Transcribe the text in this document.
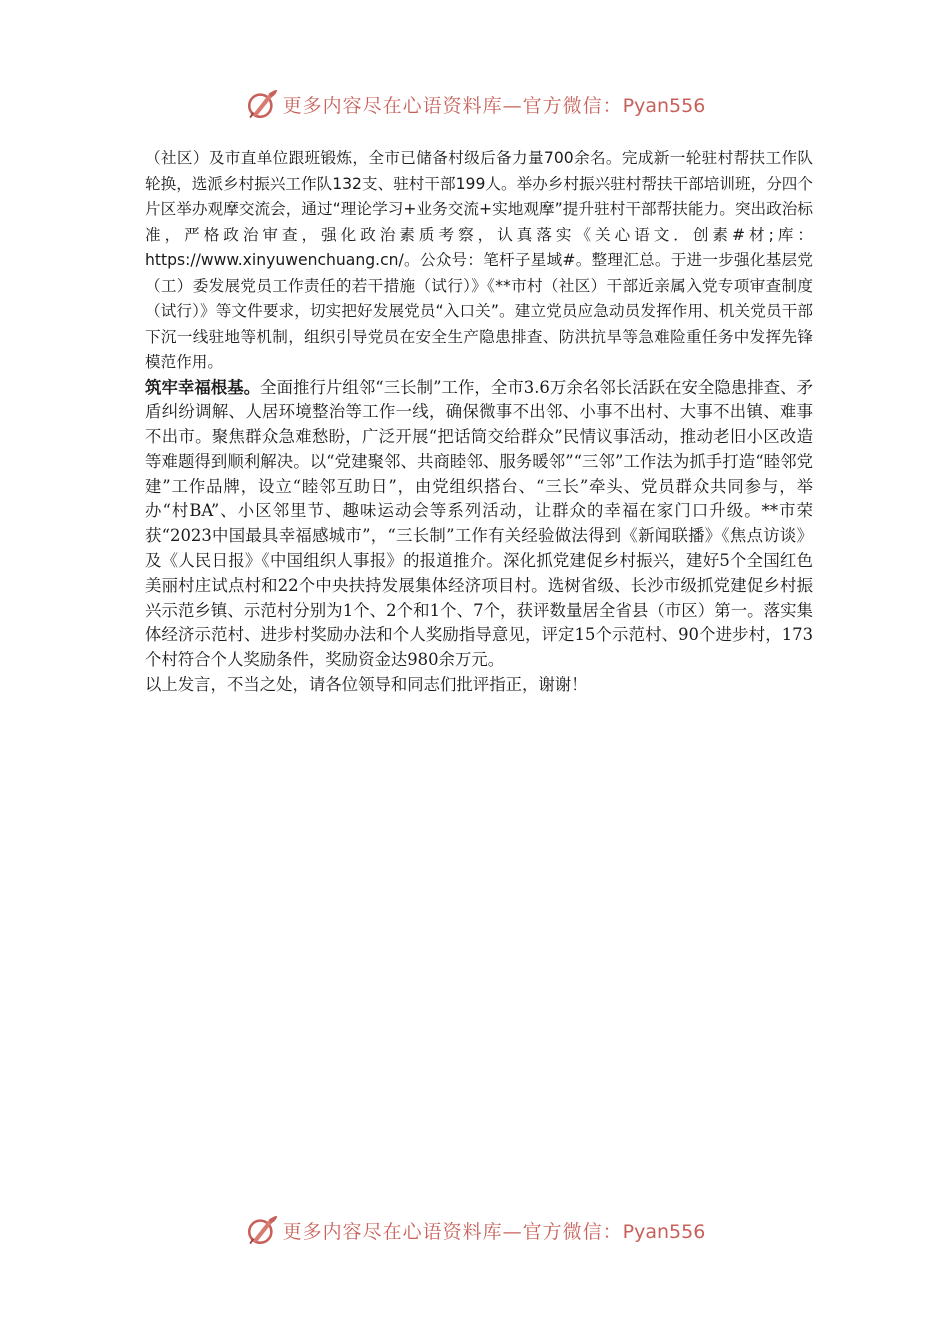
更多内容尽在心语资料库—官方微信：Pyan556

（社区）及市直单位跟班锻炼，全市已储备村级后备力量700余名。完成新一轮驻村帮扶工作队轮换，选派乡村振兴工作队132支、驻村干部199人。举办乡村振兴驻村帮扶干部培训班，分四个片区举办观摩交流会，通过“理论学习+业务交流+实地观摩”提升驻村干部帮扶能力。突出政治标准，严格政治审查，强化政治素质考察，认真落实《关心语文．创素#材;库：https://www.xinyuwenchuang.cn/。公众号：笔杆子星域#。整理汇总。于进一步强化基层党（工）委发展党员工作责任的若干措施（试行）》《**市村（社区）干部近亲属入党专项审查制度（试行）》等文件要求，切实把好发展党员“入口关”。建立党员应急动员发挥作用、机关党员干部下沉一线驻地等机制，组织引导党员在安全生产隐患排查、防洪抗旱等急难险重任务中发挥先锋模范作用。

筑牢幸福根基。全面推行片组邻“三长制”工作，全市3.6万余名邻长活跃在安全隐患排查、矛盾纠纷调解、人居环境整治等工作一线，确保微事不出邻、小事不出村、大事不出镇、难事不出市。聚焦群众急难愁盼，广泛开展“把话筒交给群众”民情议事活动，推动老旧小区改造等难题得到顺利解决。以“党建聚邻、共商睦邻、服务暖邻”“三邻”工作法为抓手打造“睦邻党建”工作品牌，设立“睦邻互助日”，由党组织搭台、“三长”牵头、党员群众共同参与，举办“村BA”、小区邻里节、趣味运动会等系列活动，让群众的幸福在家门口升级。**市荣获“2023中国最具幸福感城市”，“三长制”工作有关经验做法得到《新闻联播》《焦点访谈》及《人民日报》《中国组织人事报》的报道推介。深化抓党建促乡村振兴，建好5个全国红色美丽村庄试点村和22个中央扶持发展集体经济项目村。选树省级、长沙市级抓党建促乡村振兴示范乡镇、示范村分别为1个、2个和1个、7个，获评数量居全省县（市区）第一。落实集体经济示范村、进步村奖励办法和个人奖励指导意见，评定15个示范村、90个进步村，173个村符合个人奖励条件，奖励资金达980余万元。

以上发言，不当之处，请各位领导和同志们批评指正，谢谢！

更多内容尽在心语资料库—官方微信：Pyan556
